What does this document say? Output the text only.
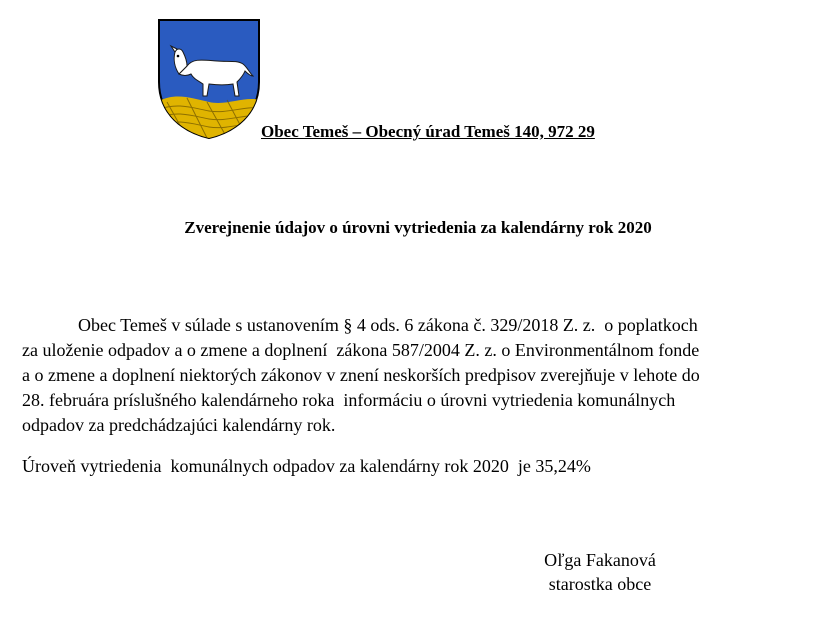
Obec Temeš – Obecný úrad Temeš 140, 972 29
Zverejnenie údajov o úrovni vytriedenia za kalendárny rok 2020
Obec Temeš v súlade s ustanovením § 4 ods. 6 zákona č. 329/2018 Z. z.  o poplatkoch
za uloženie odpadov a o zmene a doplnení  zákona 587/2004 Z. z. o Environmentálnom fonde
a o zmene a doplnení niektorých zákonov v znení neskorších predpisov zverejňuje v lehote do
28. februára príslušného kalendárneho roka  informáciu o úrovni vytriedenia komunálnych
odpadov za predchádzajúci kalendárny rok.
Úroveň vytriedenia  komunálnych odpadov za kalendárny rok 2020  je 35,24%
Oľga Fakanová
starostka obce
